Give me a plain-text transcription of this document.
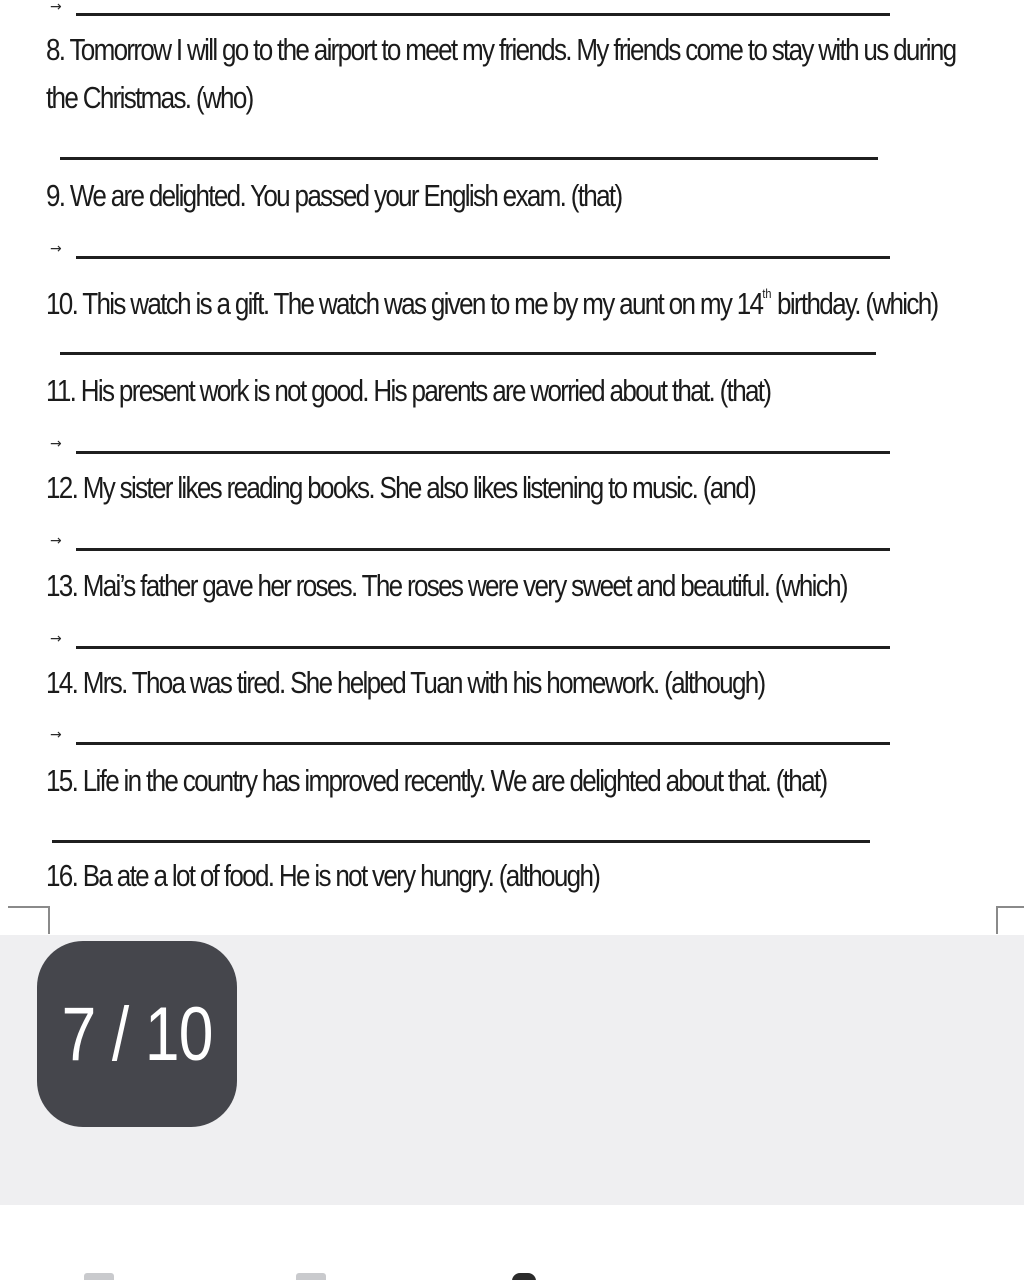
→
8. Tomorrow I will go to the airport to meet my friends. My friends come to stay with us during the Christmas. (who)
9. We are delighted. You passed your English exam. (that)
→
10. This watch is a gift. The watch was given to me by my aunt on my 14th birthday. (which)
11. His present work is not good. His parents are worried about that. (that)
→
12. My sister likes reading books. She also likes listening to music. (and)
→
13. Mai’s father gave her roses. The roses were very sweet and beautiful. (which)
→
14. Mrs. Thoa was tired. She helped Tuan with his homework. (although)
→
15. Life in the country has improved recently. We are delighted about that. (that)
16. Ba ate a lot of food. He is not very hungry. (although)
7 / 10
